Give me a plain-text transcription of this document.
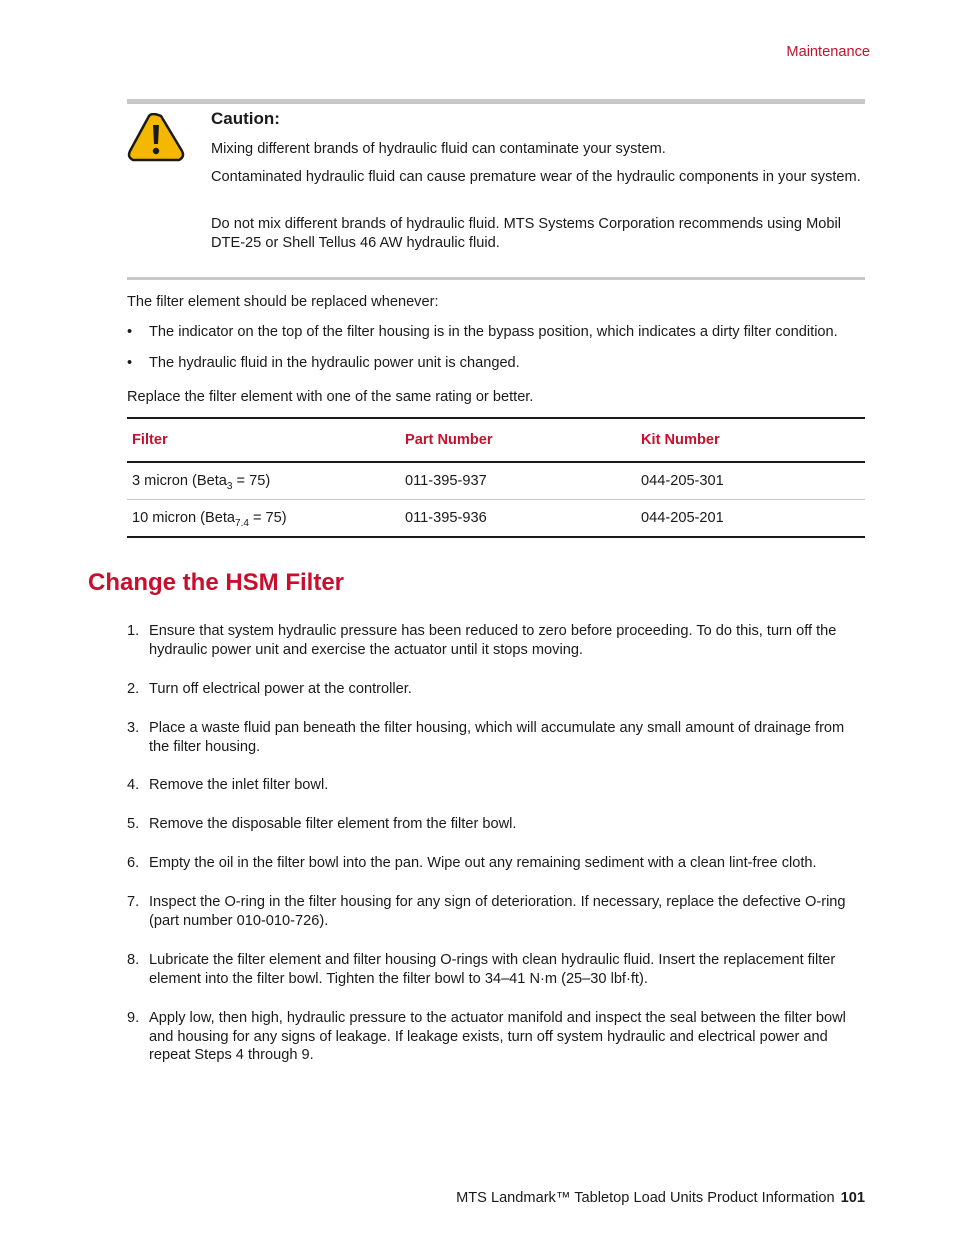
Maintenance
Caution:

Mixing different brands of hydraulic fluid can contaminate your system.

Contaminated hydraulic fluid can cause premature wear of the hydraulic components in your system.

Do not mix different brands of hydraulic fluid. MTS Systems Corporation recommends using Mobil DTE-25 or Shell Tellus 46 AW hydraulic fluid.

The filter element should be replaced whenever:

• The indicator on the top of the filter housing is in the bypass position, which indicates a dirty filter condition.
• The hydraulic fluid in the hydraulic power unit is changed.

Replace the filter element with one of the same rating or better.

Filter	Part Number	Kit Number
3 micron (Beta$_3$ = 75)	011-395-937	044-205-301
10 micron (Beta$_{7.4}$ = 75)	011-395-936	044-205-201
Change the HSM Filter
1. Ensure that system hydraulic pressure has been reduced to zero before proceeding. To do this, turn off the hydraulic power unit and exercise the actuator until it stops moving.
2. Turn off electrical power at the controller.
3. Place a waste fluid pan beneath the filter housing, which will accumulate any small amount of drainage from the filter housing.
4. Remove the inlet filter bowl.
5. Remove the disposable filter element from the filter bowl.
6. Empty the oil in the filter bowl into the pan. Wipe out any remaining sediment with a clean lint-free cloth.
7. Inspect the O-ring in the filter housing for any sign of deterioration. If necessary, replace the defective O-ring (part number 010-010-726).
8. Lubricate the filter element and filter housing O-rings with clean hydraulic fluid. Insert the replacement filter element into the filter bowl. Tighten the filter bowl to 34–41 N·m (25–30 lbf·ft).
9. Apply low, then high, hydraulic pressure to the actuator manifold and inspect the seal between the filter bowl and housing for any signs of leakage. If leakage exists, turn off system hydraulic and electrical power and repeat Steps 4 through 9.
MTS Landmark™ Tabletop Load Units Product Information 101
